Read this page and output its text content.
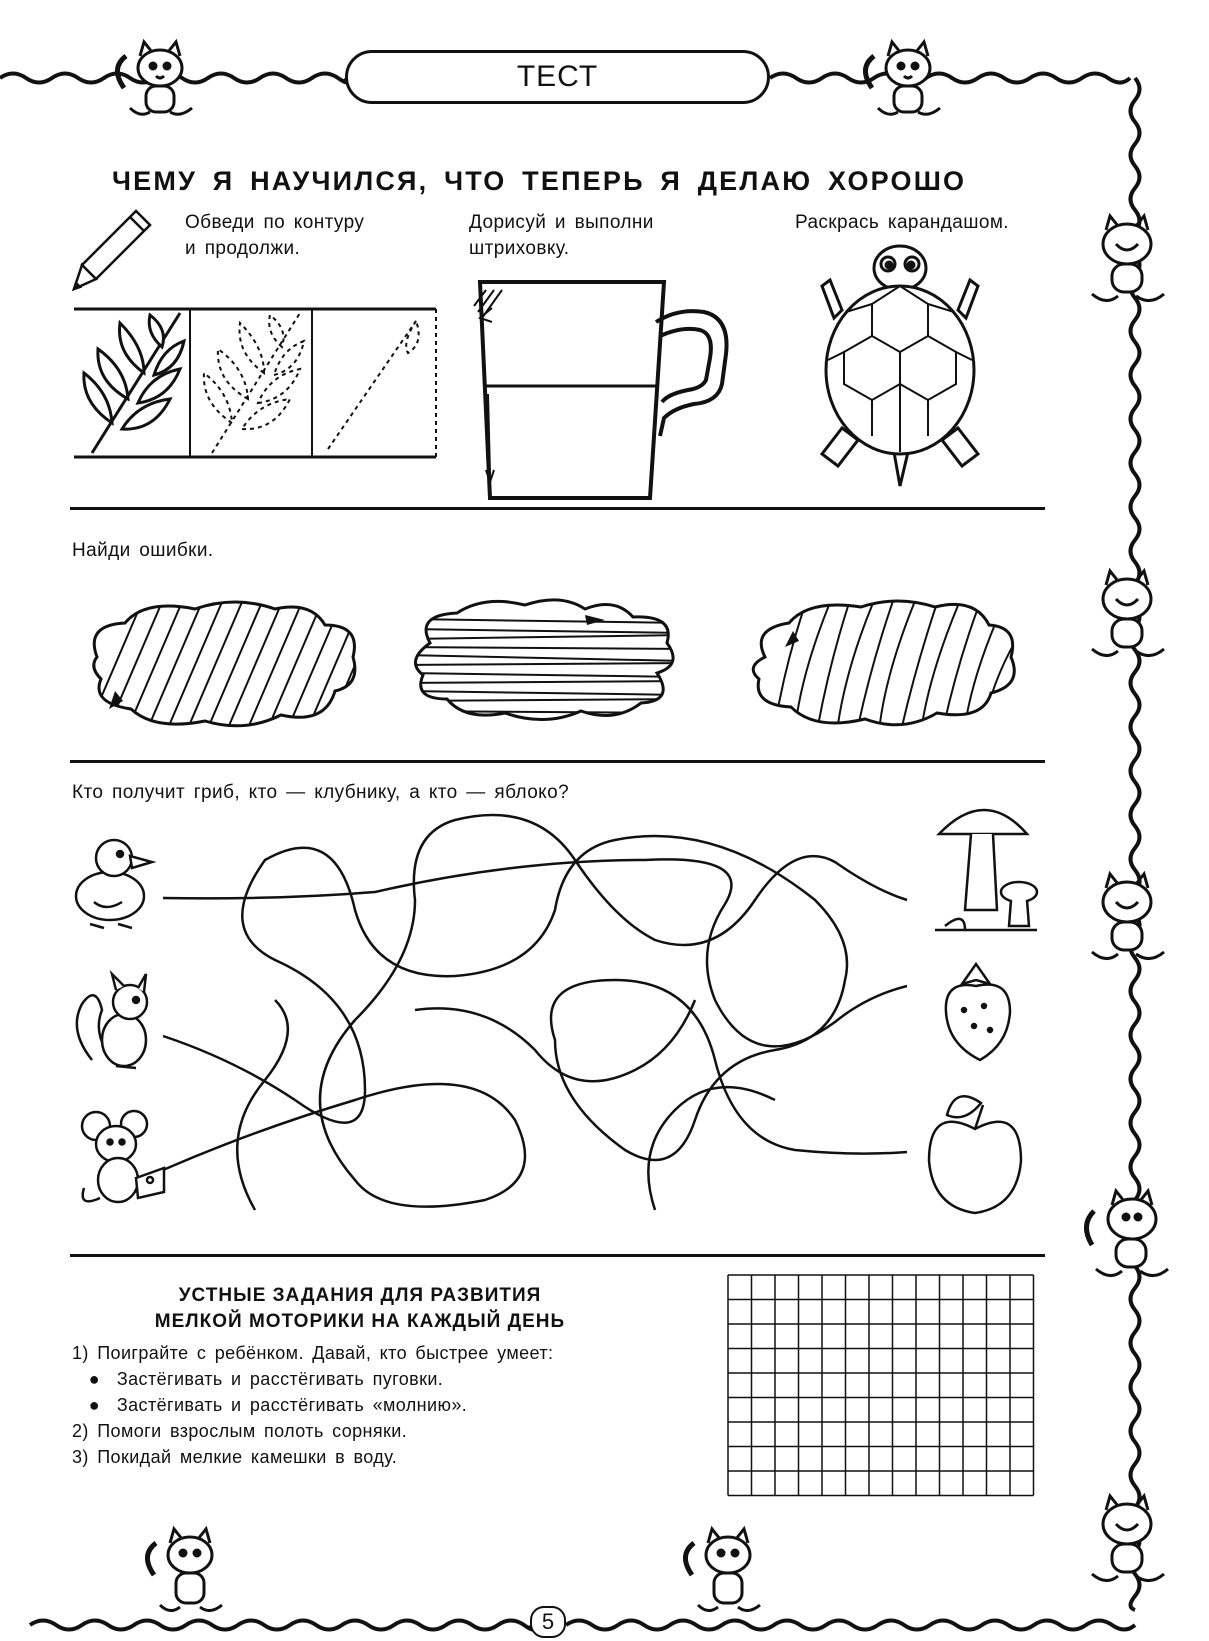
ТЕСТ
ЧЕМУ Я НАУЧИЛСЯ, ЧТО ТЕПЕРЬ Я ДЕЛАЮ ХОРОШО
Обведи по контуру
и продолжи.
Дорисуй и выполни
штриховку.
Раскрась карандашом.
Найди ошибки.
Кто получит гриб, кто — клубнику, а кто — яблоко?
УСТНЫЕ ЗАДАНИЯ ДЛЯ РАЗВИТИЯ
МЕЛКОЙ МОТОРИКИ НА КАЖДЫЙ ДЕНЬ
1) Поиграйте с ребёнком. Давай, кто быстрее умеет:
●  Застёгивать и расстёгивать пуговки.
●  Застёгивать и расстёгивать «молнию».
2) Помоги взрослым полоть сорняки.
3) Покидай мелкие камешки в воду.
5
